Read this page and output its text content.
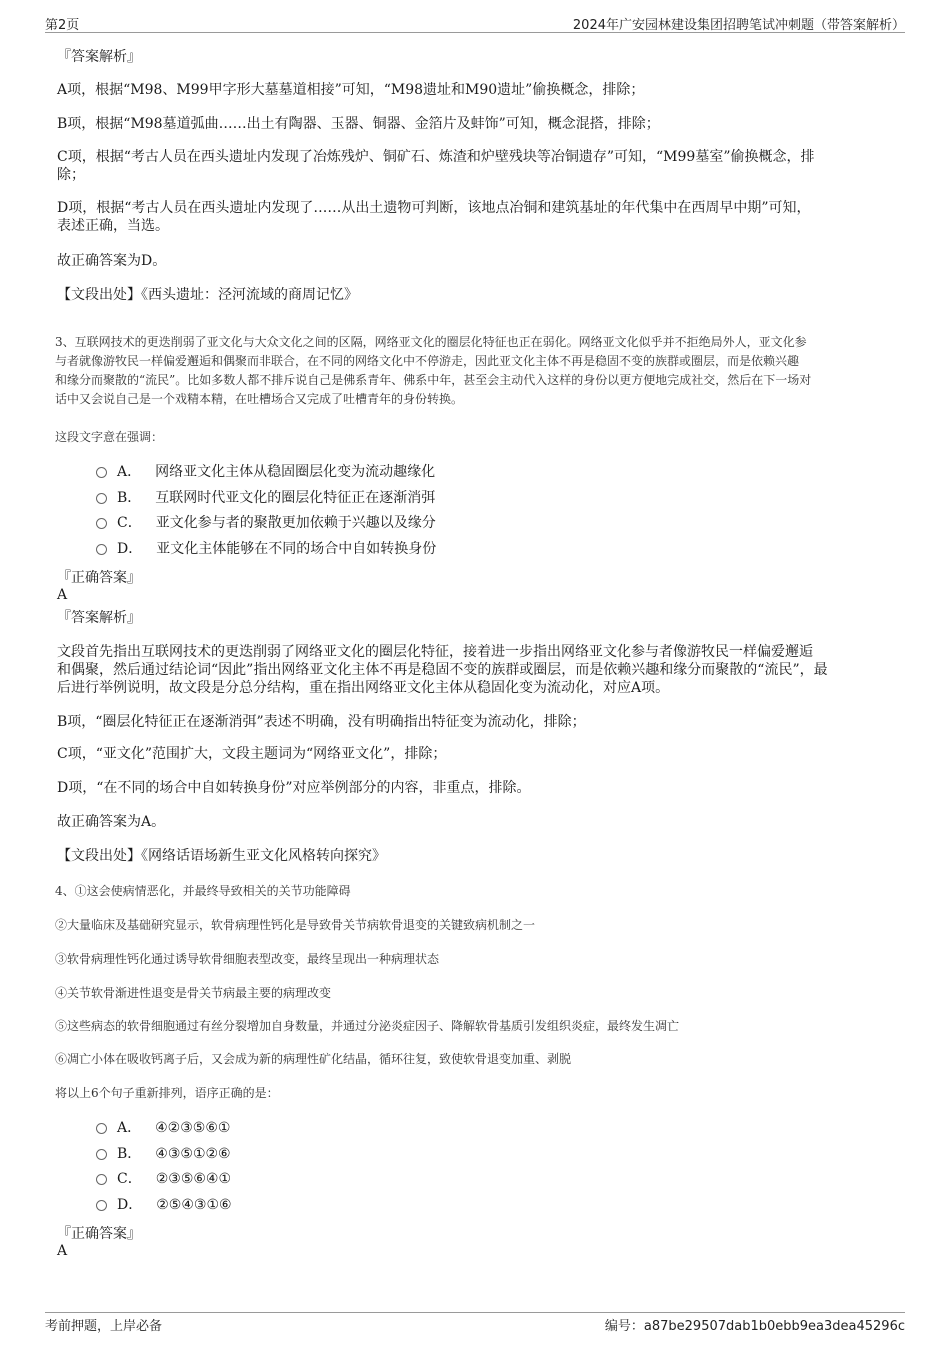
第2页	2024年广安园林建设集团招聘笔试冲刺题（带答案解析）
『答案解析』
A项，根据“M98、M99甲字形大墓墓道相接”可知，“M98遗址和M90遗址”偷换概念，排除；
B项，根据“M98墓道弧曲……出土有陶器、玉器、铜器、金箔片及蚌饰”可知，概念混搭，排除；
C项，根据“考古人员在西头遗址内发现了冶炼残炉、铜矿石、炼渣和炉壁残块等冶铜遗存”可知，“M99墓室”偷换概念，排
除；
D项，根据“考古人员在西头遗址内发现了……从出土遗物可判断，该地点冶铜和建筑基址的年代集中在西周早中期”可知，
表述正确，当选。
故正确答案为D。
【文段出处】《西头遗址：泾河流域的商周记忆》
3、互联网技术的更迭削弱了亚文化与大众文化之间的区隔，网络亚文化的圈层化特征也正在弱化。网络亚文化似乎并不拒绝局外人，亚文化参
与者就像游牧民一样偏爱邂逅和偶聚而非联合，在不同的网络文化中不停游走，因此亚文化主体不再是稳固不变的族群或圈层，而是依赖兴趣
和缘分而聚散的“流民”。比如多数人都不排斥说自己是佛系青年、佛系中年，甚至会主动代入这样的身份以更方便地完成社交，然后在下一场对
话中又会说自己是一个戏精本精，在吐槽场合又完成了吐槽青年的身份转换。
这段文字意在强调：
A． 网络亚文化主体从稳固圈层化变为流动趣缘化
B． 互联网时代亚文化的圈层化特征正在逐渐消弭
C． 亚文化参与者的聚散更加依赖于兴趣以及缘分
D． 亚文化主体能够在不同的场合中自如转换身份
『正确答案』
A
『答案解析』
文段首先指出互联网技术的更迭削弱了网络亚文化的圈层化特征，接着进一步指出网络亚文化参与者像游牧民一样偏爱邂逅
和偶聚，然后通过结论词“因此”指出网络亚文化主体不再是稳固不变的族群或圈层，而是依赖兴趣和缘分而聚散的“流民”，最
后进行举例说明，故文段是分总分结构，重在指出网络亚文化主体从稳固化变为流动化，对应A项。
B项，“圈层化特征正在逐渐消弭”表述不明确，没有明确指出特征变为流动化，排除；
C项，“亚文化”范围扩大，文段主题词为“网络亚文化”，排除；
D项，“在不同的场合中自如转换身份”对应举例部分的内容，非重点，排除。
故正确答案为A。
【文段出处】《网络话语场新生亚文化风格转向探究》
4、①这会使病情恶化，并最终导致相关的关节功能障碍
②大量临床及基础研究显示，软骨病理性钙化是导致骨关节病软骨退变的关键致病机制之一
③软骨病理性钙化通过诱导软骨细胞表型改变，最终呈现出一种病理状态
④关节软骨渐进性退变是骨关节病最主要的病理改变
⑤这些病态的软骨细胞通过有丝分裂增加自身数量，并通过分泌炎症因子、降解软骨基质引发组织炎症，最终发生凋亡
⑥凋亡小体在吸收钙离子后，又会成为新的病理性矿化结晶，循环往复，致使软骨退变加重、剥脱
将以上6个句子重新排列，语序正确的是：
A． ④②③⑤⑥①
B． ④③⑤①②⑥
C． ②③⑤⑥④①
D． ②⑤④③①⑥
『正确答案』
A
考前押题，上岸必备	编号：a87be29507dab1b0ebb9ea3dea45296c
